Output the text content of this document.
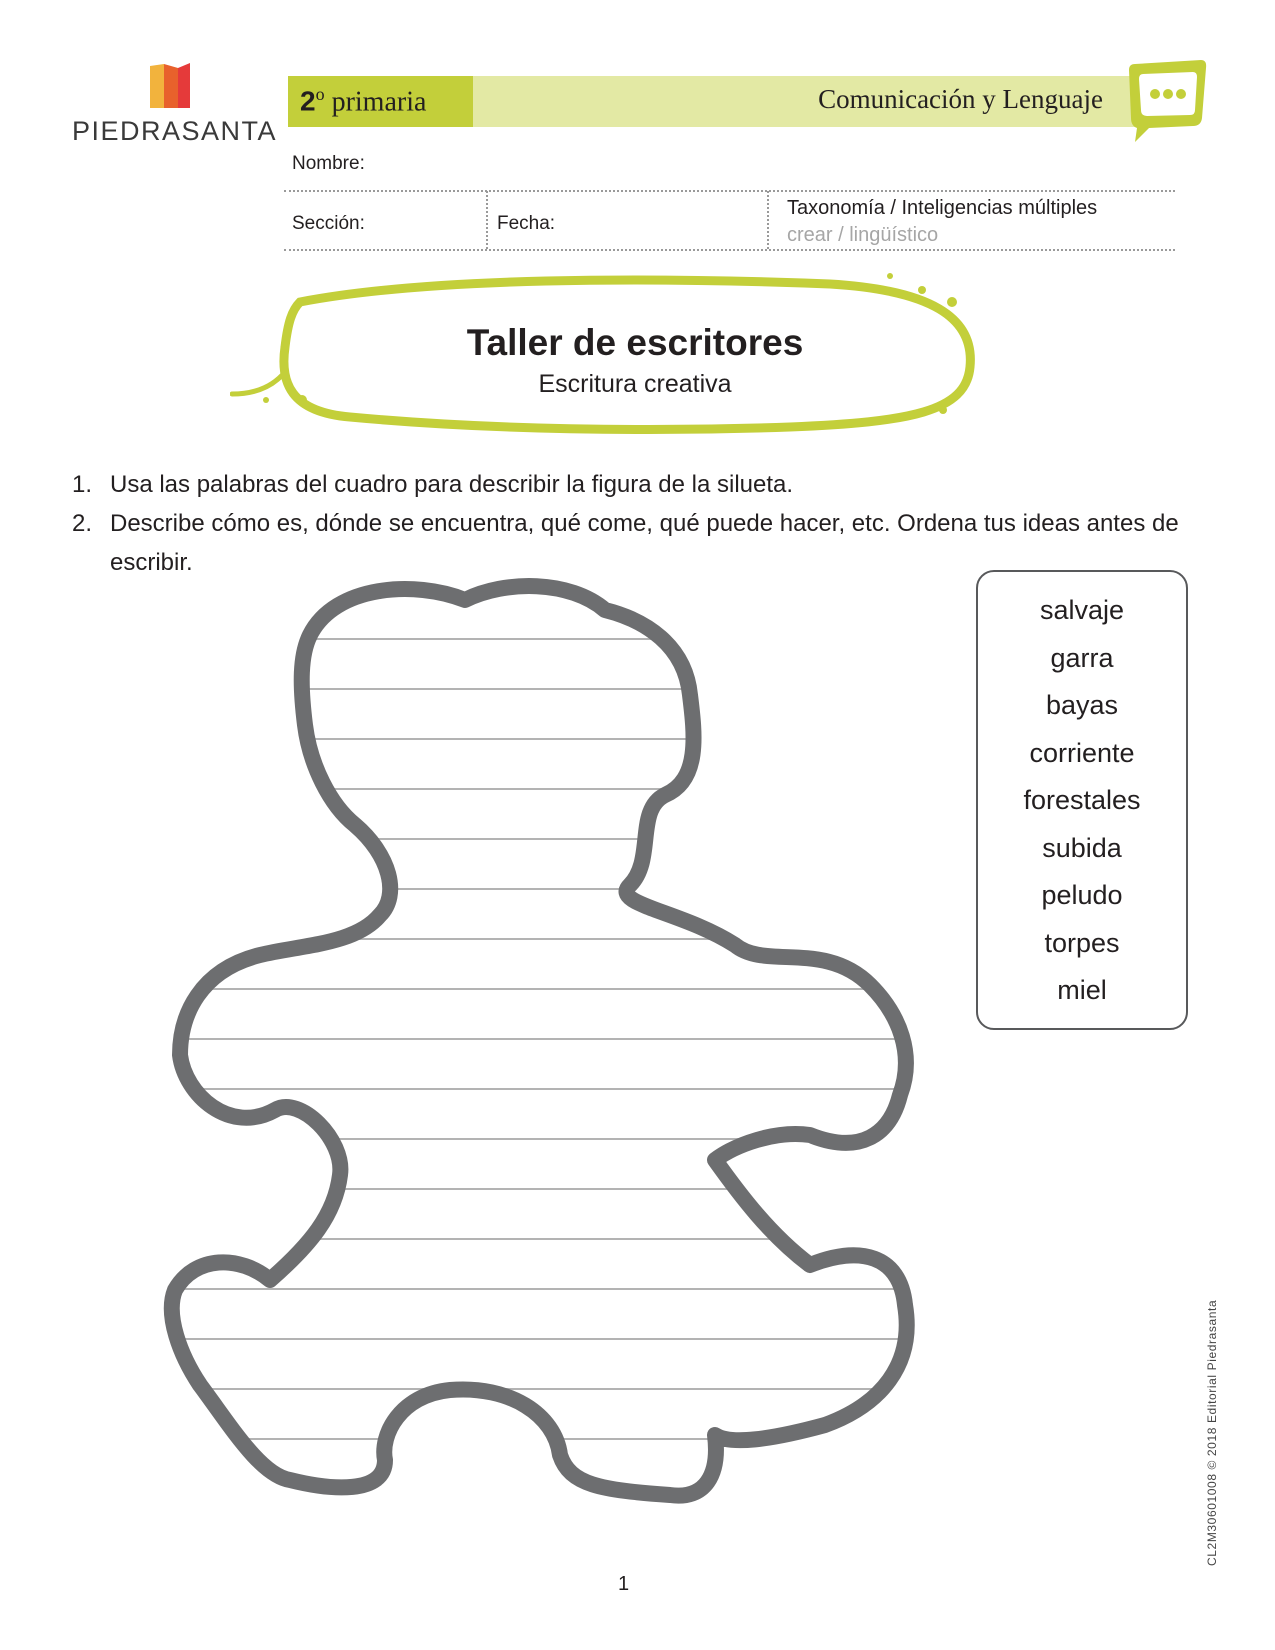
PIEDRASANTA
2$^o$ primaria	Comunicación y Lenguaje
Nombre:
Sección:	Fecha:
Taxonomía / Inteligencias múltiples
crear / lingüístico
Taller de escritores
Escritura creativa
1. Usa las palabras del cuadro para describir la figura de la silueta.
2. Describe cómo es, dónde se encuentra, qué come, qué puede hacer, etc. Ordena tus ideas antes de escribir.
salvaje
garra
bayas
corriente
forestales
subida
peludo
torpes
miel
1
CL2M30601008 © 2018 Editorial Piedrasanta
